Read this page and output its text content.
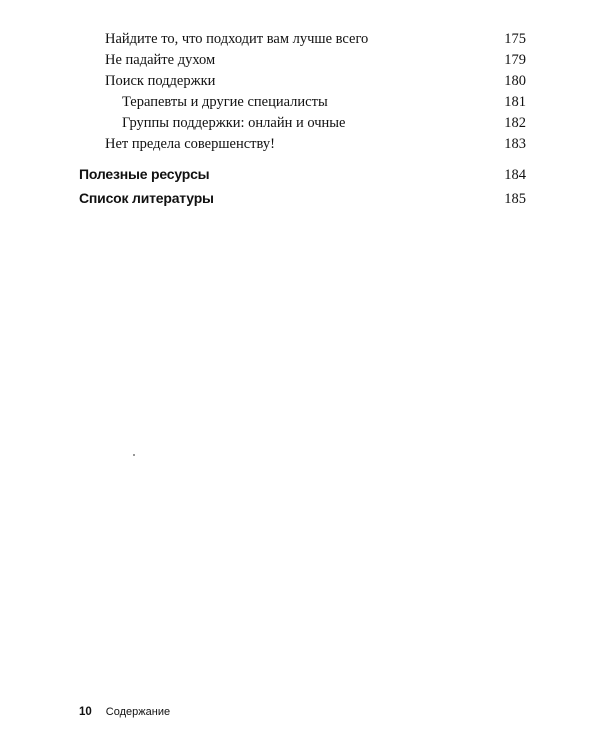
Найдите то, что подходит вам лучше всего	175
Не падайте духом	179
Поиск поддержки	180
Терапевты и другие специалисты	181
Группы поддержки: онлайн и очные	182
Нет предела совершенству!	183
Полезные ресурсы	184
Список литературы	185
10 Содержание
